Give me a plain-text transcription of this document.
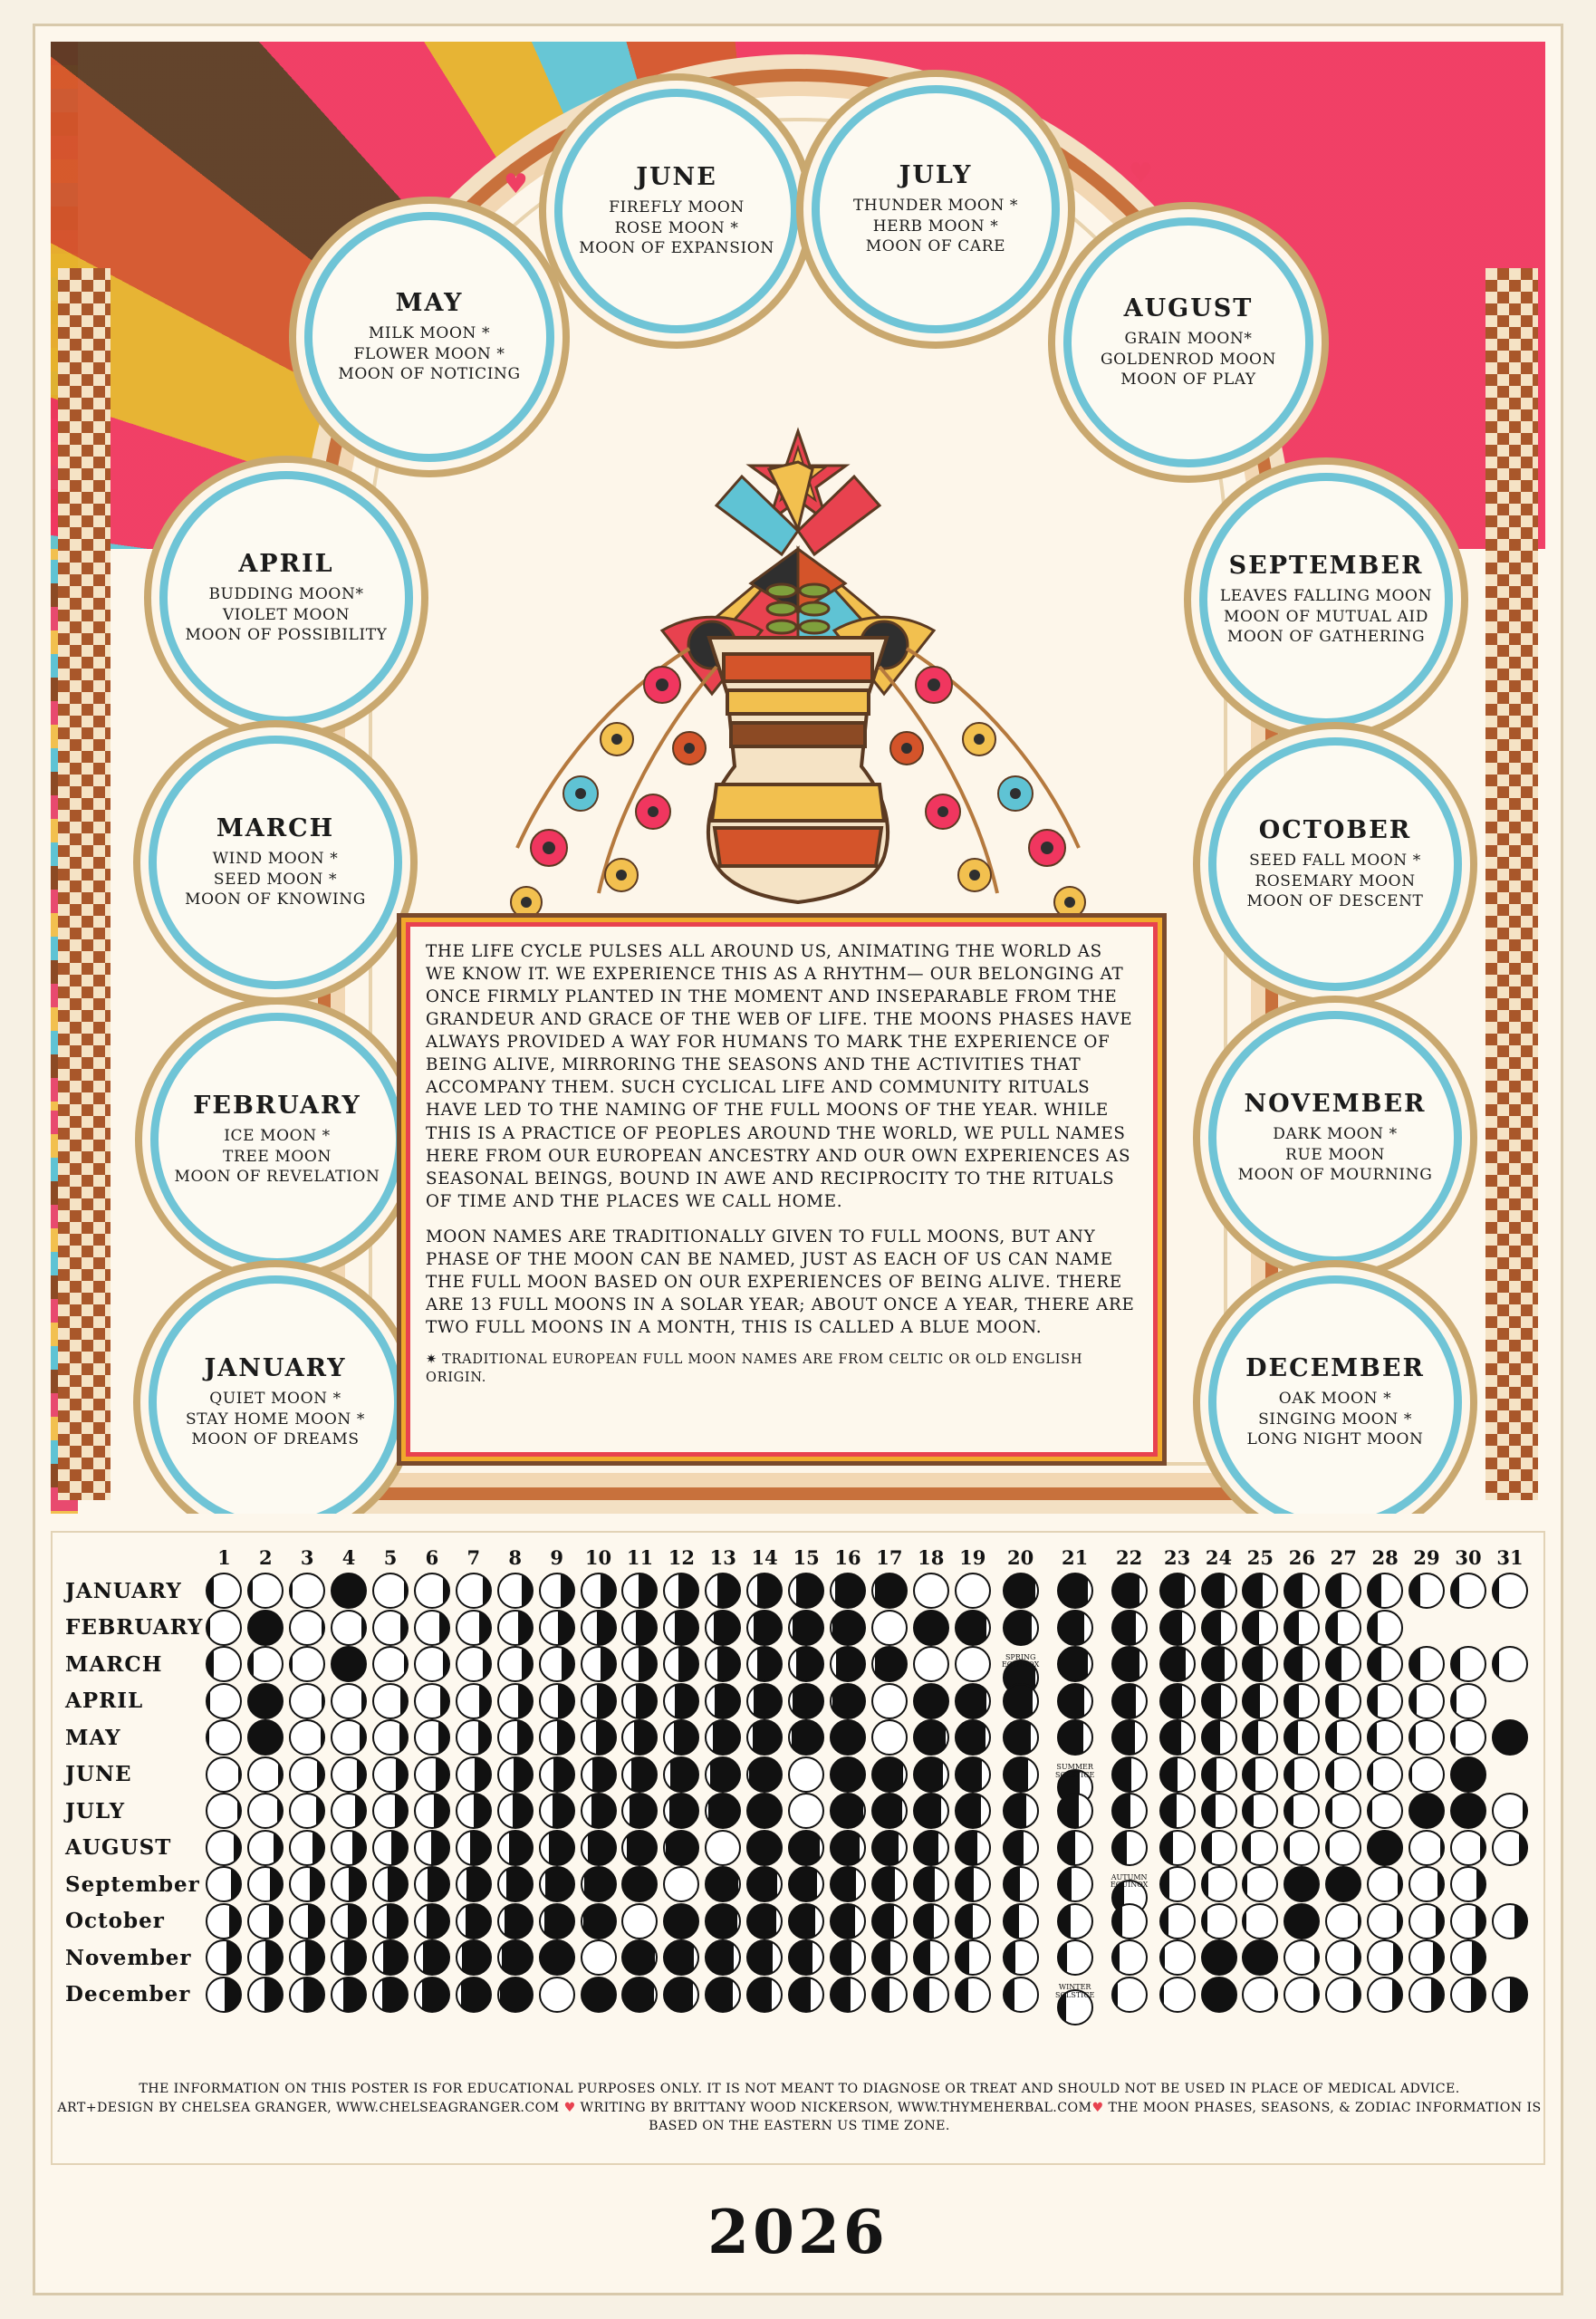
♥	♥
JUNE
FIREFLY MOON
ROSE MOON *
MOON OF EXPANSION
JULY
THUNDER MOON *
HERB MOON *
MOON OF CARE
MAY
MILK MOON *
FLOWER MOON *
MOON OF NOTICING
AUGUST
GRAIN MOON*
GOLDENROD MOON
MOON OF PLAY
APRIL
BUDDING MOON*
VIOLET MOON
MOON OF POSSIBILITY
SEPTEMBER
LEAVES FALLING MOON
MOON OF MUTUAL AID
MOON OF GATHERING
MARCH
WIND MOON *
SEED MOON *
MOON OF KNOWING
OCTOBER
SEED FALL MOON *
ROSEMARY MOON
MOON OF DESCENT
FEBRUARY
ICE MOON *
TREE MOON
MOON OF REVELATION
NOVEMBER
DARK MOON *
RUE MOON
MOON OF MOURNING
JANUARY
QUIET MOON *
STAY HOME MOON *
MOON OF DREAMS
DECEMBER
OAK MOON *
SINGING MOON *
LONG NIGHT MOON

THE LIFE CYCLE PULSES ALL AROUND US, ANIMATING THE WORLD AS WE KNOW IT. WE EXPERIENCE THIS AS A RHYTHM— OUR BELONGING AT ONCE FIRMLY PLANTED IN THE MOMENT AND INSEPARABLE FROM THE GRANDEUR AND GRACE OF THE WEB OF LIFE. THE MOONS PHASES HAVE ALWAYS PROVIDED A WAY FOR HUMANS TO MARK THE EXPERIENCE OF BEING ALIVE, MIRRORING THE SEASONS AND THE ACTIVITIES THAT ACCOMPANY THEM. SUCH CYCLICAL LIFE AND COMMUNITY RITUALS HAVE LED TO THE NAMING OF THE FULL MOONS OF THE YEAR. WHILE THIS IS A PRACTICE OF PEOPLES AROUND THE WORLD, WE PULL NAMES HERE FROM OUR EUROPEAN ANCESTRY AND OUR OWN EXPERIENCES AS SEASONAL BEINGS, BOUND IN AWE AND RECIPROCITY TO THE RITUALS OF TIME AND THE PLACES WE CALL HOME.

MOON NAMES ARE TRADITIONALLY GIVEN TO FULL MOONS, BUT ANY PHASE OF THE MOON CAN BE NAMED, JUST AS EACH OF US CAN NAME THE FULL MOON BASED ON OUR EXPERIENCES OF BEING ALIVE. THERE ARE 13 FULL MOONS IN A SOLAR YEAR; ABOUT ONCE A YEAR, THERE ARE TWO FULL MOONS IN A MONTH, THIS IS CALLED A BLUE MOON.

✷ TRADITIONAL EUROPEAN FULL MOON NAMES ARE FROM CELTIC OR OLD ENGLISH ORIGIN.

	1	2	3	4	5	6	7	8	9	10	11	12	13	14	15	16	17	18	19	20	21	22	23	24	25	26	27	28	29	30	31
JANUARY	

FEBRUARY	

MARCH																				SPRING EQUINOX											

APRIL	

MAY	

JUNE																					SUMMER SOLSTICE										

JULY																

AUGUST														

September																						AUTUMN EQUINOX									

October												

November											

December																					WINTER SOLSTICE										

THE INFORMATION ON THIS POSTER IS FOR EDUCATIONAL PURPOSES ONLY. IT IS NOT MEANT TO DIAGNOSE OR TREAT AND SHOULD NOT BE USED IN PLACE OF MEDICAL ADVICE.
ART+DESIGN BY CHELSEA GRANGER, WWW.CHELSEAGRANGER.COM ♥ WRITING BY BRITTANY WOOD NICKERSON, WWW.THYMEHERBAL.COM♥ THE MOON PHASES, SEASONS, & ZODIAC INFORMATION IS BASED ON THE EASTERN US TIME ZONE.
2026
